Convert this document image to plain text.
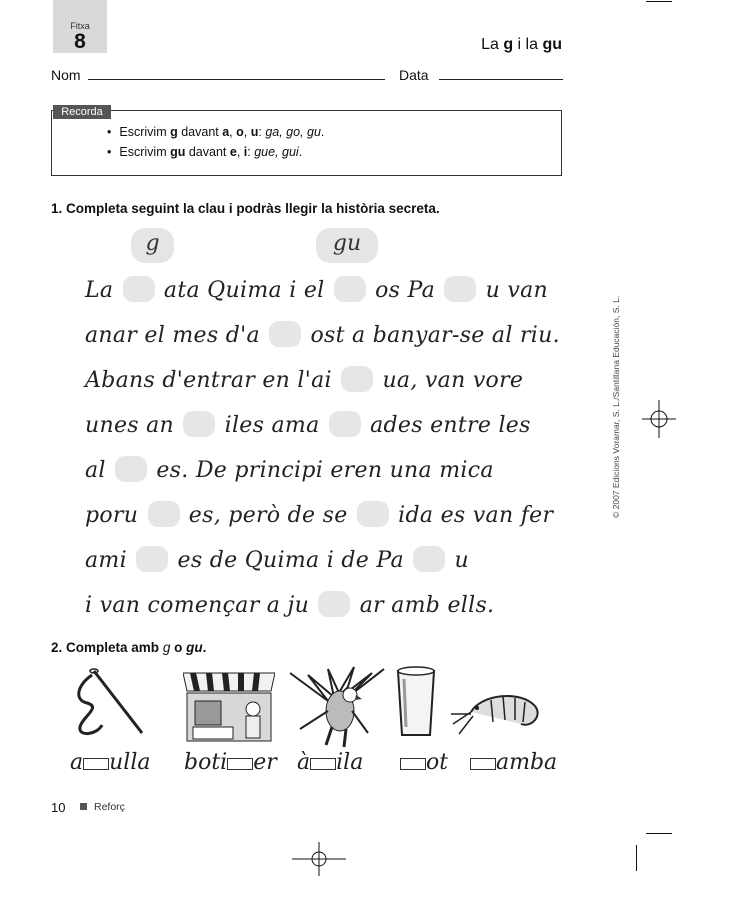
Fitxa
8	La g i la gu
Nom	Data
Recorda
• Escrivim g davant a, o, u: ga, go, gu.
• Escrivim gu davant e, i: gue, gui.
1. Completa seguint la clau i podràs llegir la història secreta.
g	gu
La  ata Quima i el  os Pa  u van
anar el mes d'a  ost a banyar-se al riu.
Abans d'entrar en l'ai  ua, van vore
unes an  iles ama  ades entre les
al  es. De principi eren una mica
poru  es, però de se  ida es van fer
ami  es de Quima i de Pa  u
i van començar a ju  ar amb ells.
© 2007 Edicions Voramar, S. L./Santillana Educación, S. L.
2. Completa amb g o gu.
a ulla boti er à ila	ot	amba
10	Reforç
